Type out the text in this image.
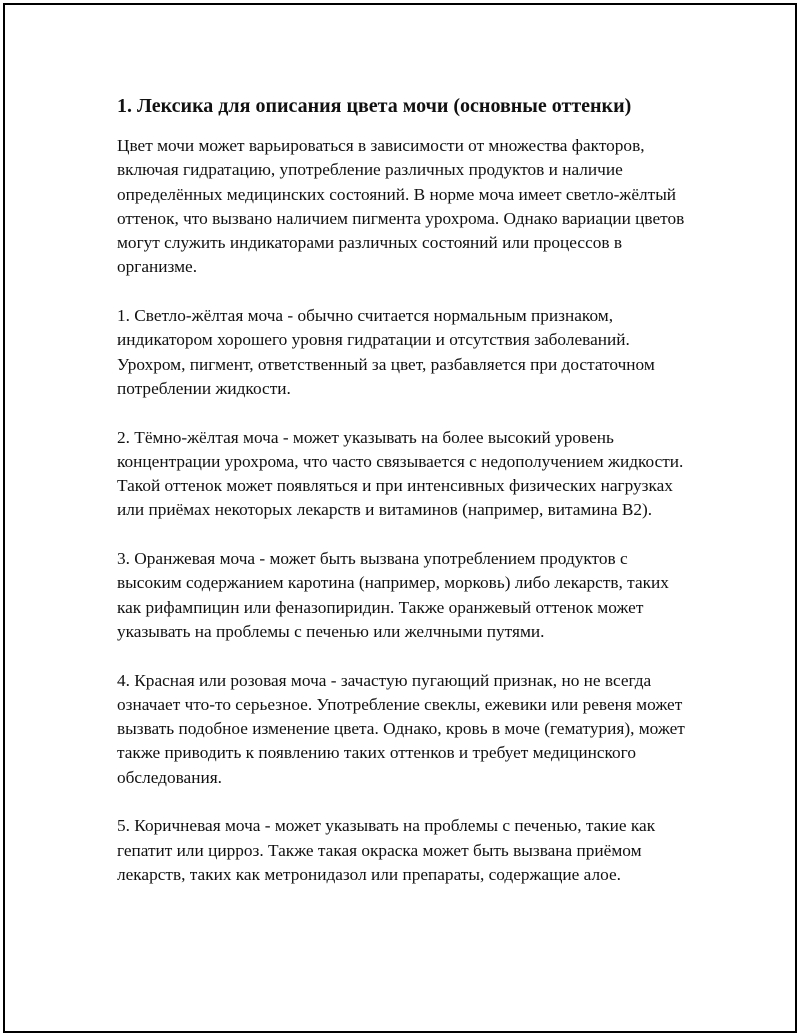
1. Лексика для описания цвета мочи (основные оттенки)

Цвет мочи может варьироваться в зависимости от множества факторов, включая гидратацию, употребление различных продуктов и наличие определённых медицинских состояний. В норме моча имеет светло-жёлтый оттенок, что вызвано наличием пигмента урохрома. Однако вариации цветов могут служить индикаторами различных состояний или процессов в организме.

1. Светло-жёлтая моча - обычно считается нормальным признаком, индикатором хорошего уровня гидратации и отсутствия заболеваний. Урохром, пигмент, ответственный за цвет, разбавляется при достаточном потреблении жидкости.

2. Тёмно-жёлтая моча - может указывать на более высокий уровень концентрации урохрома, что часто связывается с недополучением жидкости. Такой оттенок может появляться и при интенсивных физических нагрузках или приёмах некоторых лекарств и витаминов (например, витамина B2).

3. Оранжевая моча - может быть вызвана употреблением продуктов с высоким содержанием каротина (например, морковь) либо лекарств, таких как рифампицин или феназопиридин. Также оранжевый оттенок может указывать на проблемы с печенью или желчными путями.

4. Красная или розовая моча - зачастую пугающий признак, но не всегда означает что-то серьезное. Употребление свеклы, ежевики или ревеня может вызвать подобное изменение цвета. Однако, кровь в моче (гематурия), может также приводить к появлению таких оттенков и требует медицинского обследования.

5. Коричневая моча - может указывать на проблемы с печенью, такие как гепатит или цирроз. Также такая окраска может быть вызвана приёмом лекарств, таких как метронидазол или препараты, содержащие алое.
